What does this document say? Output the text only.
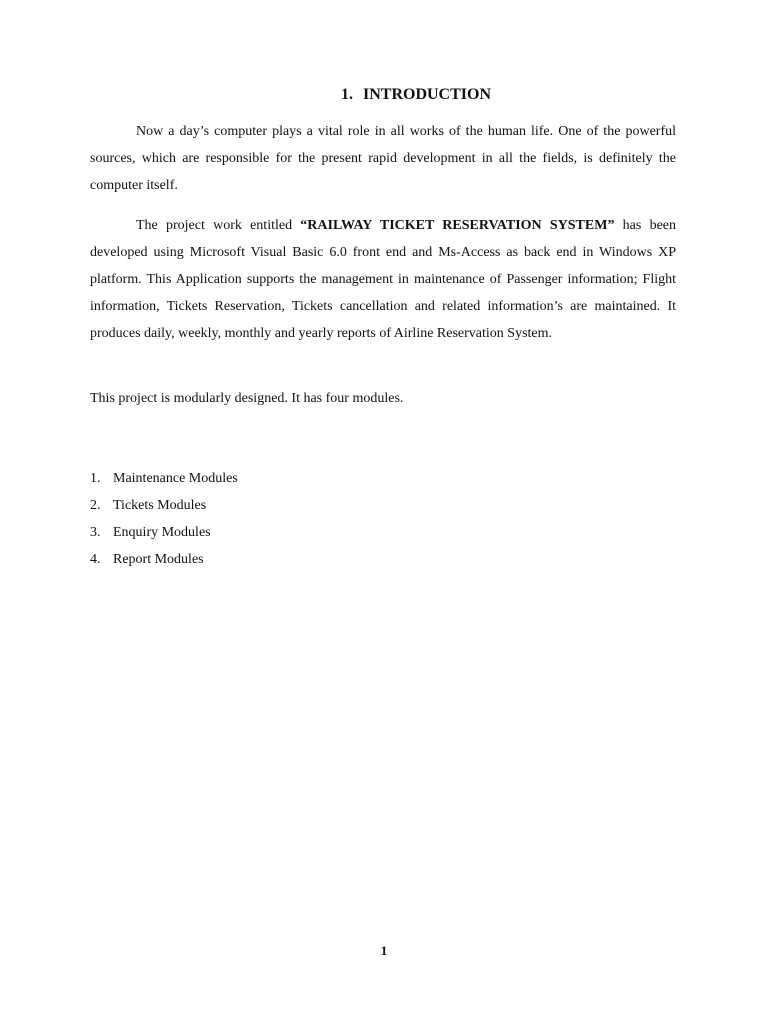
1. INTRODUCTION

Now a day’s computer plays a vital role in all works of the human life. One of the powerful sources, which are responsible for the present rapid development in all the fields, is definitely the computer itself.

The project work entitled “RAILWAY TICKET RESERVATION SYSTEM” has been developed using Microsoft Visual Basic 6.0 front end and Ms-Access as back end in Windows XP platform. This Application supports the management in maintenance of Passenger information; Flight information, Tickets Reservation, Tickets cancellation and related information’s are maintained. It produces daily, weekly, monthly and yearly reports of Airline Reservation System.

This project is modularly designed. It has four modules.

1. Maintenance Modules
2. Tickets Modules
3. Enquiry Modules
4. Report Modules
1
